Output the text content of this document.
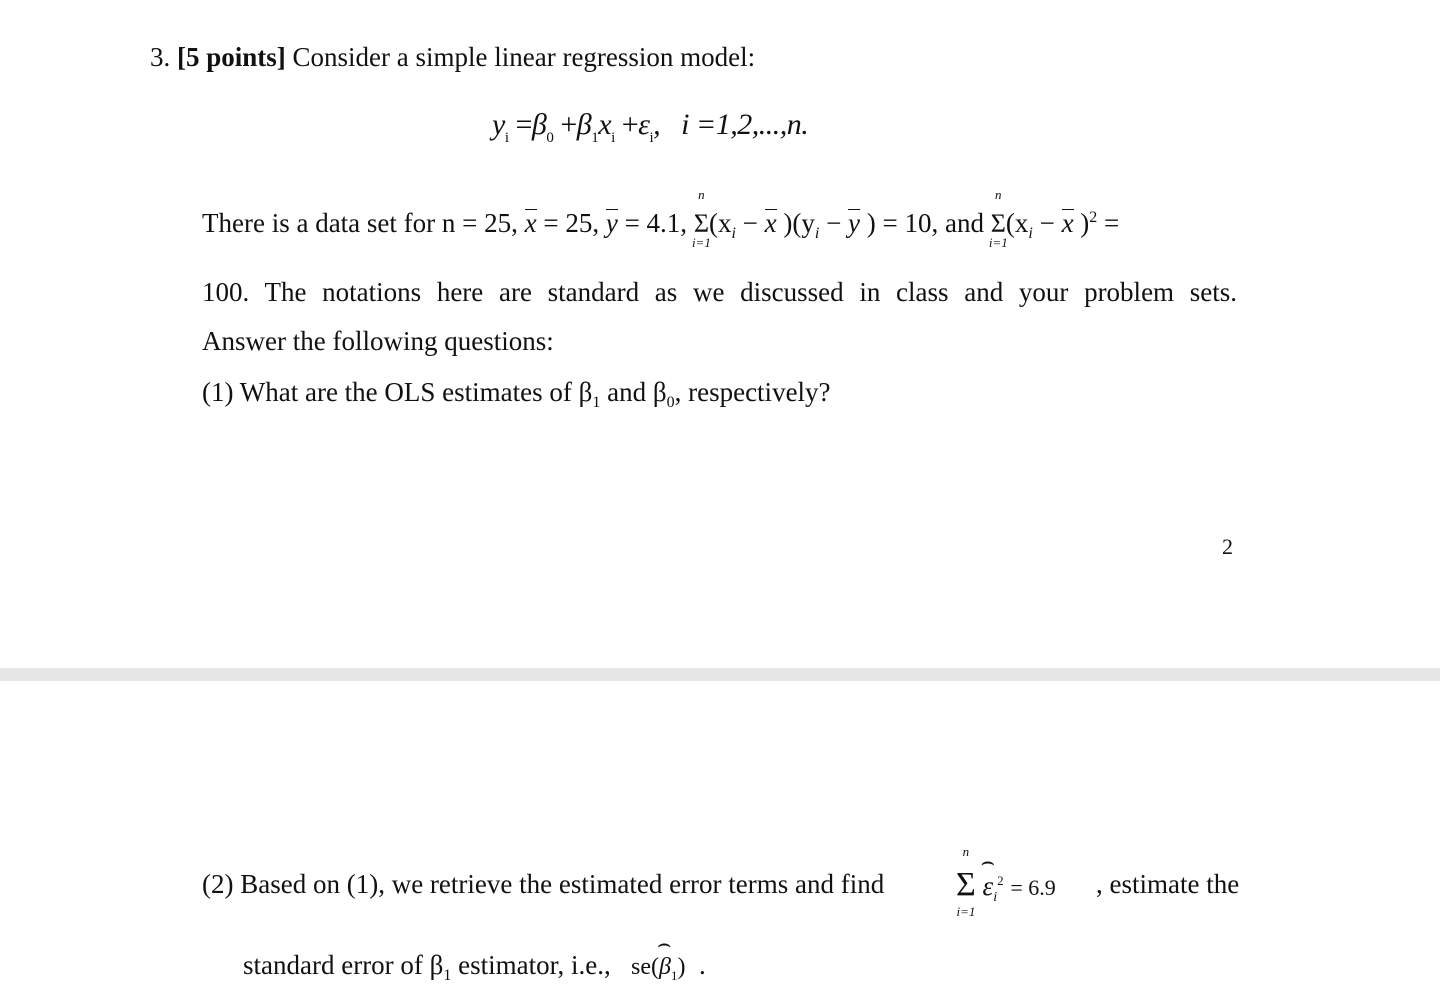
3. [5 points] Consider a simple linear regression model:
$y_i =\beta_0 +\beta_1x_i +\varepsilon_i$,   i =1,2,...,n.
There is a data set for n = 25, x = 25, y = 4.1,
n
Σ
i=1
($x_i - x$ )($y_i - y$ ) = 10, and
n
Σ
i=1
($x_i - x$ )$^2$ =
100. The notations here are standard as we discussed in class and your problem sets.
Answer the following questions:
(1) What are the OLS estimates of $\beta_1$ and $\beta_0$, respectively?
2
(2) Based on (1), we retrieve the estimated error terms and find
n
Σ
i=1
⌢ $\varepsilon_i^2 = 6.9$ , estimate the
standard error of $\beta_1$ estimator, i.e., se(⌢ $\beta_1$) .
